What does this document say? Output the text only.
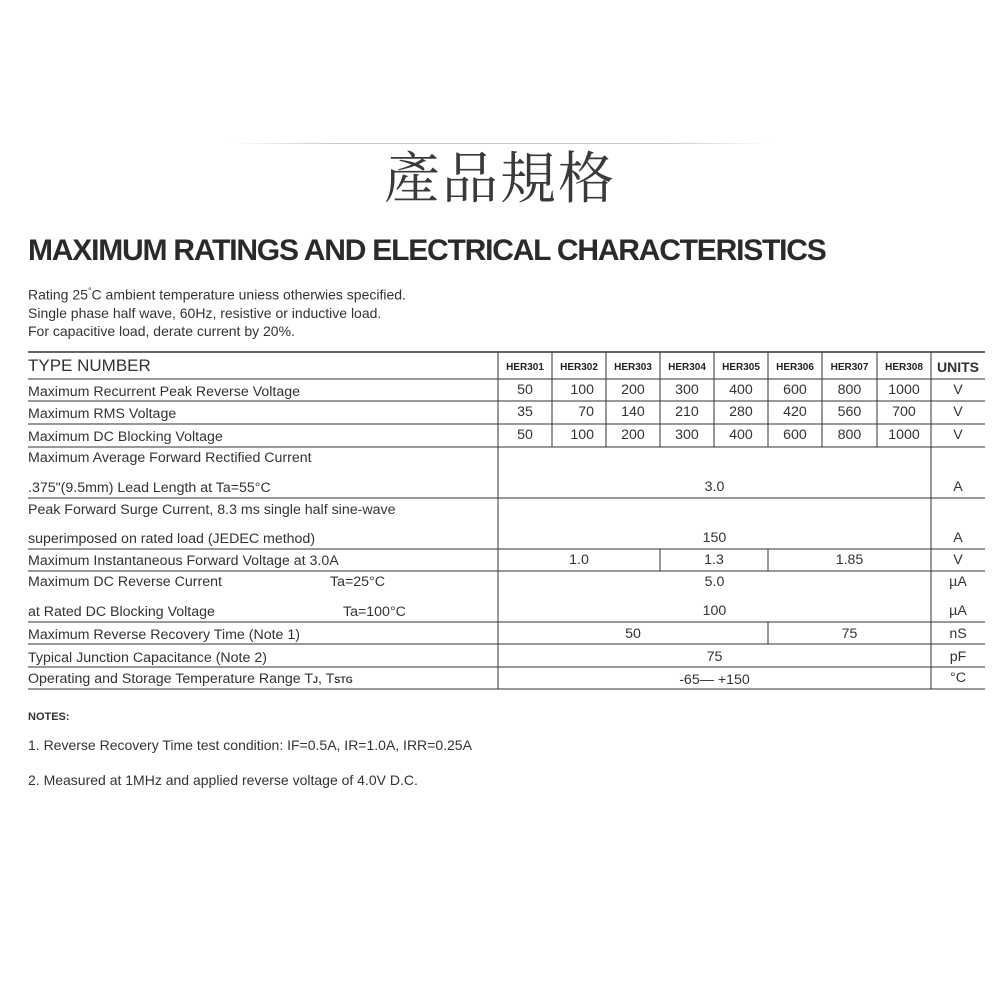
產品規格
MAXIMUM RATINGS AND ELECTRICAL CHARACTERISTICS
Rating 25°C ambient temperature uniess otherwies specified.
Single phase half wave, 60Hz, resistive or inductive load.
For capacitive load, derate current by 20%.
TYPE NUMBER	HER301	HER302	HER303	HER304	HER305	HER306	HER307	HER308	UNITS
Maximum Recurrent Peak Reverse Voltage	50	100	200	300	400	600	800	1000	V
Maximum RMS Voltage	35	70	140	210	280	420	560	700	V
Maximum DC Blocking Voltage	50	100	200	300	400	600	800	1000	V
Maximum Average Forward Rectified Current
.375"(9.5mm) Lead Length at Ta=55°C	3.0	A
Peak Forward Surge Current, 8.3 ms single half sine-wave
superimposed on rated load (JEDEC method)	150	A
Maximum Instantaneous Forward Voltage at 3.0A	1.0	1.3	1.85	V
Maximum DC Reverse Current	Ta=25°C	5.0	µA
at Rated DC Blocking Voltage	Ta=100°C	100	µA
Maximum Reverse Recovery Time (Note 1)	50	75	nS
Typical Junction Capacitance (Note 2)	75	pF
Operating and Storage Temperature Range TJ, TSTG	-65— +150	°C
NOTES:
1. Reverse Recovery Time test condition: IF=0.5A, IR=1.0A, IRR=0.25A
2. Measured at 1MHz and applied reverse voltage of 4.0V D.C.
